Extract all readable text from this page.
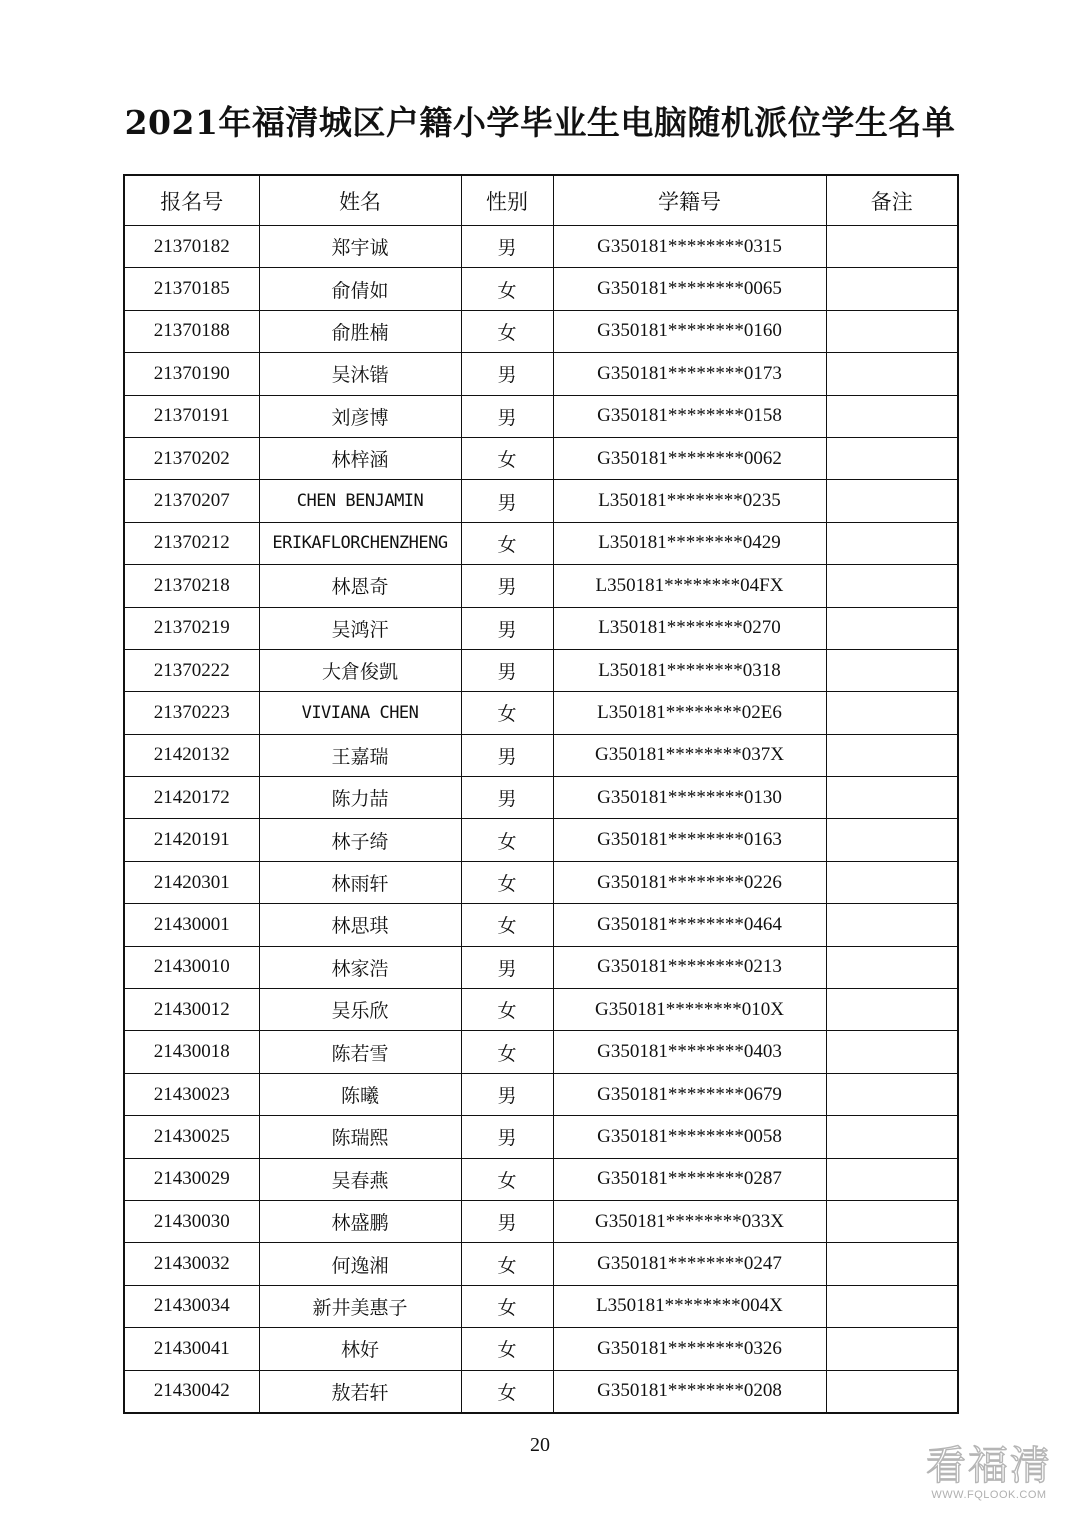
2021年福清城区户籍小学毕业生电脑随机派位学生名单
报名号	姓名	性别	学籍号	备注
21370182	郑宇诚	男	G350181********0315	
21370185	俞倩如	女	G350181********0065	
21370188	俞胜楠	女	G350181********0160	
21370190	吴沐锴	男	G350181********0173	
21370191	刘彦博	男	G350181********0158	
21370202	林梓涵	女	G350181********0062	
21370207	CHEN BENJAMIN	男	L350181********0235	
21370212	ERIKAFLORCHENZHENG	女	L350181********0429	
21370218	林恩奇	男	L350181********04FX	
21370219	吴鸿汗	男	L350181********0270	
21370222	大倉俊凱	男	L350181********0318	
21370223	VIVIANA CHEN	女	L350181********02E6	
21420132	王嘉瑞	男	G350181********037X	
21420172	陈力喆	男	G350181********0130	
21420191	林子绮	女	G350181********0163	
21420301	林雨轩	女	G350181********0226	
21430001	林思琪	女	G350181********0464	
21430010	林家浩	男	G350181********0213	
21430012	吴乐欣	女	G350181********010X	
21430018	陈若雪	女	G350181********0403	
21430023	陈曦	男	G350181********0679	
21430025	陈瑞熙	男	G350181********0058	
21430029	吴春燕	女	G350181********0287	
21430030	林盛鹏	男	G350181********033X	
21430032	何逸湘	女	G350181********0247	
21430034	新井美惠子	女	L350181********004X	
21430041	林好	女	G350181********0326	
21430042	敖若轩	女	G350181********0208	
20	看福清
WWW.FQLOOK.COM
